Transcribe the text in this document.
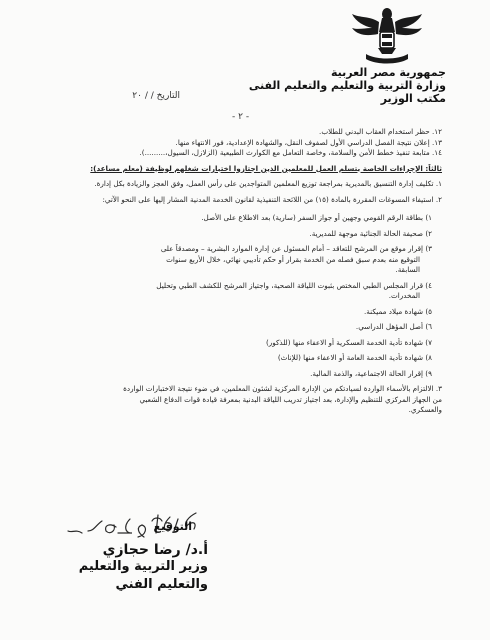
جمهورية مصر العربية
وزارة التربية والتعليم والتعليم الفنى
مكتب الوزير
التاريخ / / ٢٠
- ٢ -
١٢. حظر استخدام العقاب البدني للطلاب.
١٣. إعلان نتيجة الفصل الدراسي الأول لصفوف النقل، والشهادة الإعدادية، فور الانتهاء منها.
١٤. متابعة تنفيذ خطط الأمن والسلامة، وخاصة التعامل مع الكوارث الطبيعية (الزلازل، السيول،.........).
ثالثاً: الإجراءات الخاصة بتسلم العمل للمعلمين الذين اجتازوا اختبارات شغلهم لوظيفة (معلم مساعد):
١. تكليف إدارة التنسيق بالمديرية بمراجعة توزيع المعلمين المتواجدين على رأس العمل، وفق العجز والزيادة بكل إدارة.
٢. استيفاء المسوغات المقررة بالمادة (١٥) من اللائحة التنفيذية لقانون الخدمة المدنية المشار إليها على النحو الآتي:
١) بطاقة الرقم القومي وجهين أو جواز السفر (سارية) بعد الاطلاع على الأصل.
٢) صحيفة الحالة الجنائية موجهة للمديرية.
٣) إقرار موقع من المرشح للتعاقد – أمام المسئول عن إدارة الموارد البشرية – ومصدقاً على
التوقيع منه بعدم سبق فصله من الخدمة بقرار أو حكم تأديبي نهائي، خلال الأربع سنوات
السابقة.
٤) قرار المجلس الطبي المختص بثبوت اللياقة الصحية، واجتياز المرشح للكشف الطبي وتحليل
المخدرات.
٥) شهادة ميلاد مميكنة.
٦) أصل المؤهل الدراسي.
٧) شهادة تأدية الخدمة العسكرية أو الاعفاء منها (للذكور)
٨) شهادة تأدية الخدمة العامة أو الاعفاء منها (للإناث)
٩) إقرار الحالة الاجتماعية، والذمة المالية.
٣. الالتزام بالأسماء الواردة لسيادتكم من الإدارة المركزية لشئون المعلمين، في ضوء نتيجة الاختبارات الواردة
من الجهاز المركزي للتنظيم والإدارة، بعد اجتياز تدريب اللياقة البدنية بمعرفة قيادة قوات الدفاع الشعبي
والعسكري.
التوقيع
أ.د/ رضا حجازي
وزير التربية والتعليم
والتعليم الفني
